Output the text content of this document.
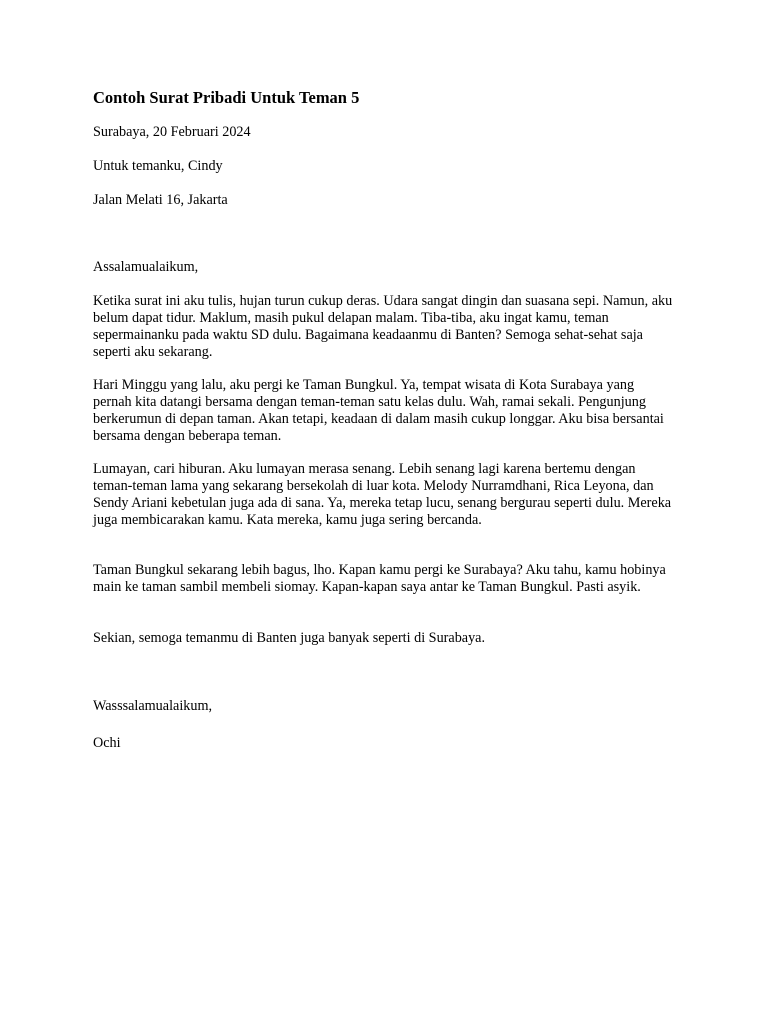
Contoh Surat Pribadi Untuk Teman 5

Surabaya, 20 Februari 2024

Untuk temanku, Cindy

Jalan Melati 16, Jakarta

Assalamualaikum,

Ketika surat ini aku tulis, hujan turun cukup deras. Udara sangat dingin dan suasana sepi. Namun, aku belum dapat tidur. Maklum, masih pukul delapan malam. Tiba-tiba, aku ingat kamu, teman sepermainanku pada waktu SD dulu. Bagaimana keadaanmu di Banten? Semoga sehat-sehat saja seperti aku sekarang.

Hari Minggu yang lalu, aku pergi ke Taman Bungkul. Ya, tempat wisata di Kota Surabaya yang pernah kita datangi bersama dengan teman-teman satu kelas dulu. Wah, ramai sekali. Pengunjung berkerumun di depan taman. Akan tetapi, keadaan di dalam masih cukup longgar. Aku bisa bersantai bersama dengan beberapa teman.

Lumayan, cari hiburan. Aku lumayan merasa senang. Lebih senang lagi karena bertemu dengan teman-teman lama yang sekarang bersekolah di luar kota. Melody Nurramdhani, Rica Leyona, dan Sendy Ariani kebetulan juga ada di sana. Ya, mereka tetap lucu, senang bergurau seperti dulu. Mereka juga membicarakan kamu. Kata mereka, kamu juga sering bercanda.

Taman Bungkul sekarang lebih bagus, lho. Kapan kamu pergi ke Surabaya? Aku tahu, kamu hobinya main ke taman sambil membeli siomay. Kapan-kapan saya antar ke Taman Bungkul. Pasti asyik.

Sekian, semoga temanmu di Banten juga banyak seperti di Surabaya.

Wasssalamualaikum,

Ochi
